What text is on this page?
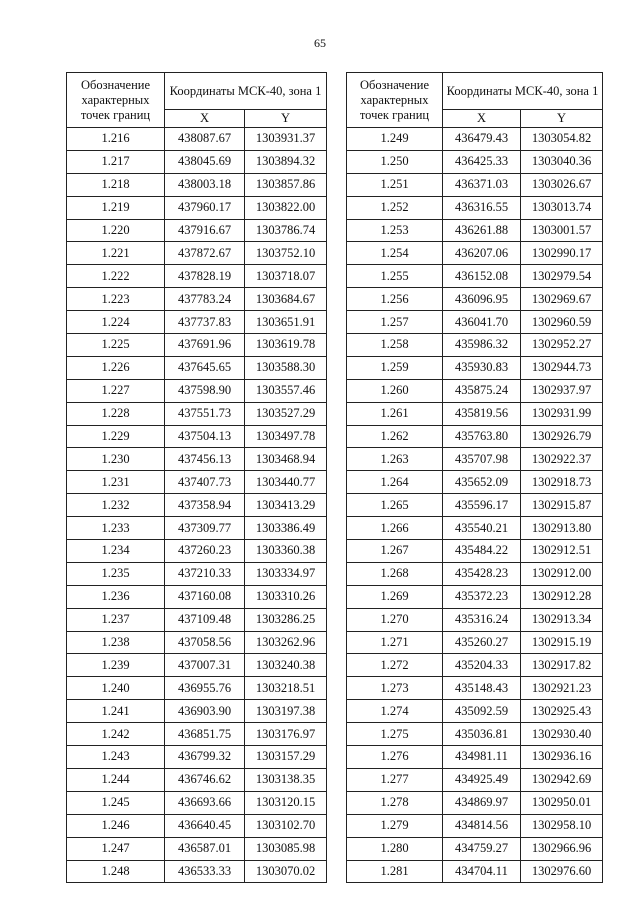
65
Обозначение характерных точек границ	Координаты МСК-40, зона 1	
	X	Y
1.216	438087.67	1303931.37
1.217	438045.69	1303894.32
1.218	438003.18	1303857.86
1.219	437960.17	1303822.00
1.220	437916.67	1303786.74
1.221	437872.67	1303752.10
1.222	437828.19	1303718.07
1.223	437783.24	1303684.67
1.224	437737.83	1303651.91
1.225	437691.96	1303619.78
1.226	437645.65	1303588.30
1.227	437598.90	1303557.46
1.228	437551.73	1303527.29
1.229	437504.13	1303497.78
1.230	437456.13	1303468.94
1.231	437407.73	1303440.77
1.232	437358.94	1303413.29
1.233	437309.77	1303386.49
1.234	437260.23	1303360.38
1.235	437210.33	1303334.97
1.236	437160.08	1303310.26
1.237	437109.48	1303286.25
1.238	437058.56	1303262.96
1.239	437007.31	1303240.38
1.240	436955.76	1303218.51
1.241	436903.90	1303197.38
1.242	436851.75	1303176.97
1.243	436799.32	1303157.29
1.244	436746.62	1303138.35
1.245	436693.66	1303120.15
1.246	436640.45	1303102.70
1.247	436587.01	1303085.98
1.248	436533.33	1303070.02
Обозначение характерных точек границ	Координаты МСК-40, зона 1	
	X	Y
1.249	436479.43	1303054.82
1.250	436425.33	1303040.36
1.251	436371.03	1303026.67
1.252	436316.55	1303013.74
1.253	436261.88	1303001.57
1.254	436207.06	1302990.17
1.255	436152.08	1302979.54
1.256	436096.95	1302969.67
1.257	436041.70	1302960.59
1.258	435986.32	1302952.27
1.259	435930.83	1302944.73
1.260	435875.24	1302937.97
1.261	435819.56	1302931.99
1.262	435763.80	1302926.79
1.263	435707.98	1302922.37
1.264	435652.09	1302918.73
1.265	435596.17	1302915.87
1.266	435540.21	1302913.80
1.267	435484.22	1302912.51
1.268	435428.23	1302912.00
1.269	435372.23	1302912.28
1.270	435316.24	1302913.34
1.271	435260.27	1302915.19
1.272	435204.33	1302917.82
1.273	435148.43	1302921.23
1.274	435092.59	1302925.43
1.275	435036.81	1302930.40
1.276	434981.11	1302936.16
1.277	434925.49	1302942.69
1.278	434869.97	1302950.01
1.279	434814.56	1302958.10
1.280	434759.27	1302966.96
1.281	434704.11	1302976.60
